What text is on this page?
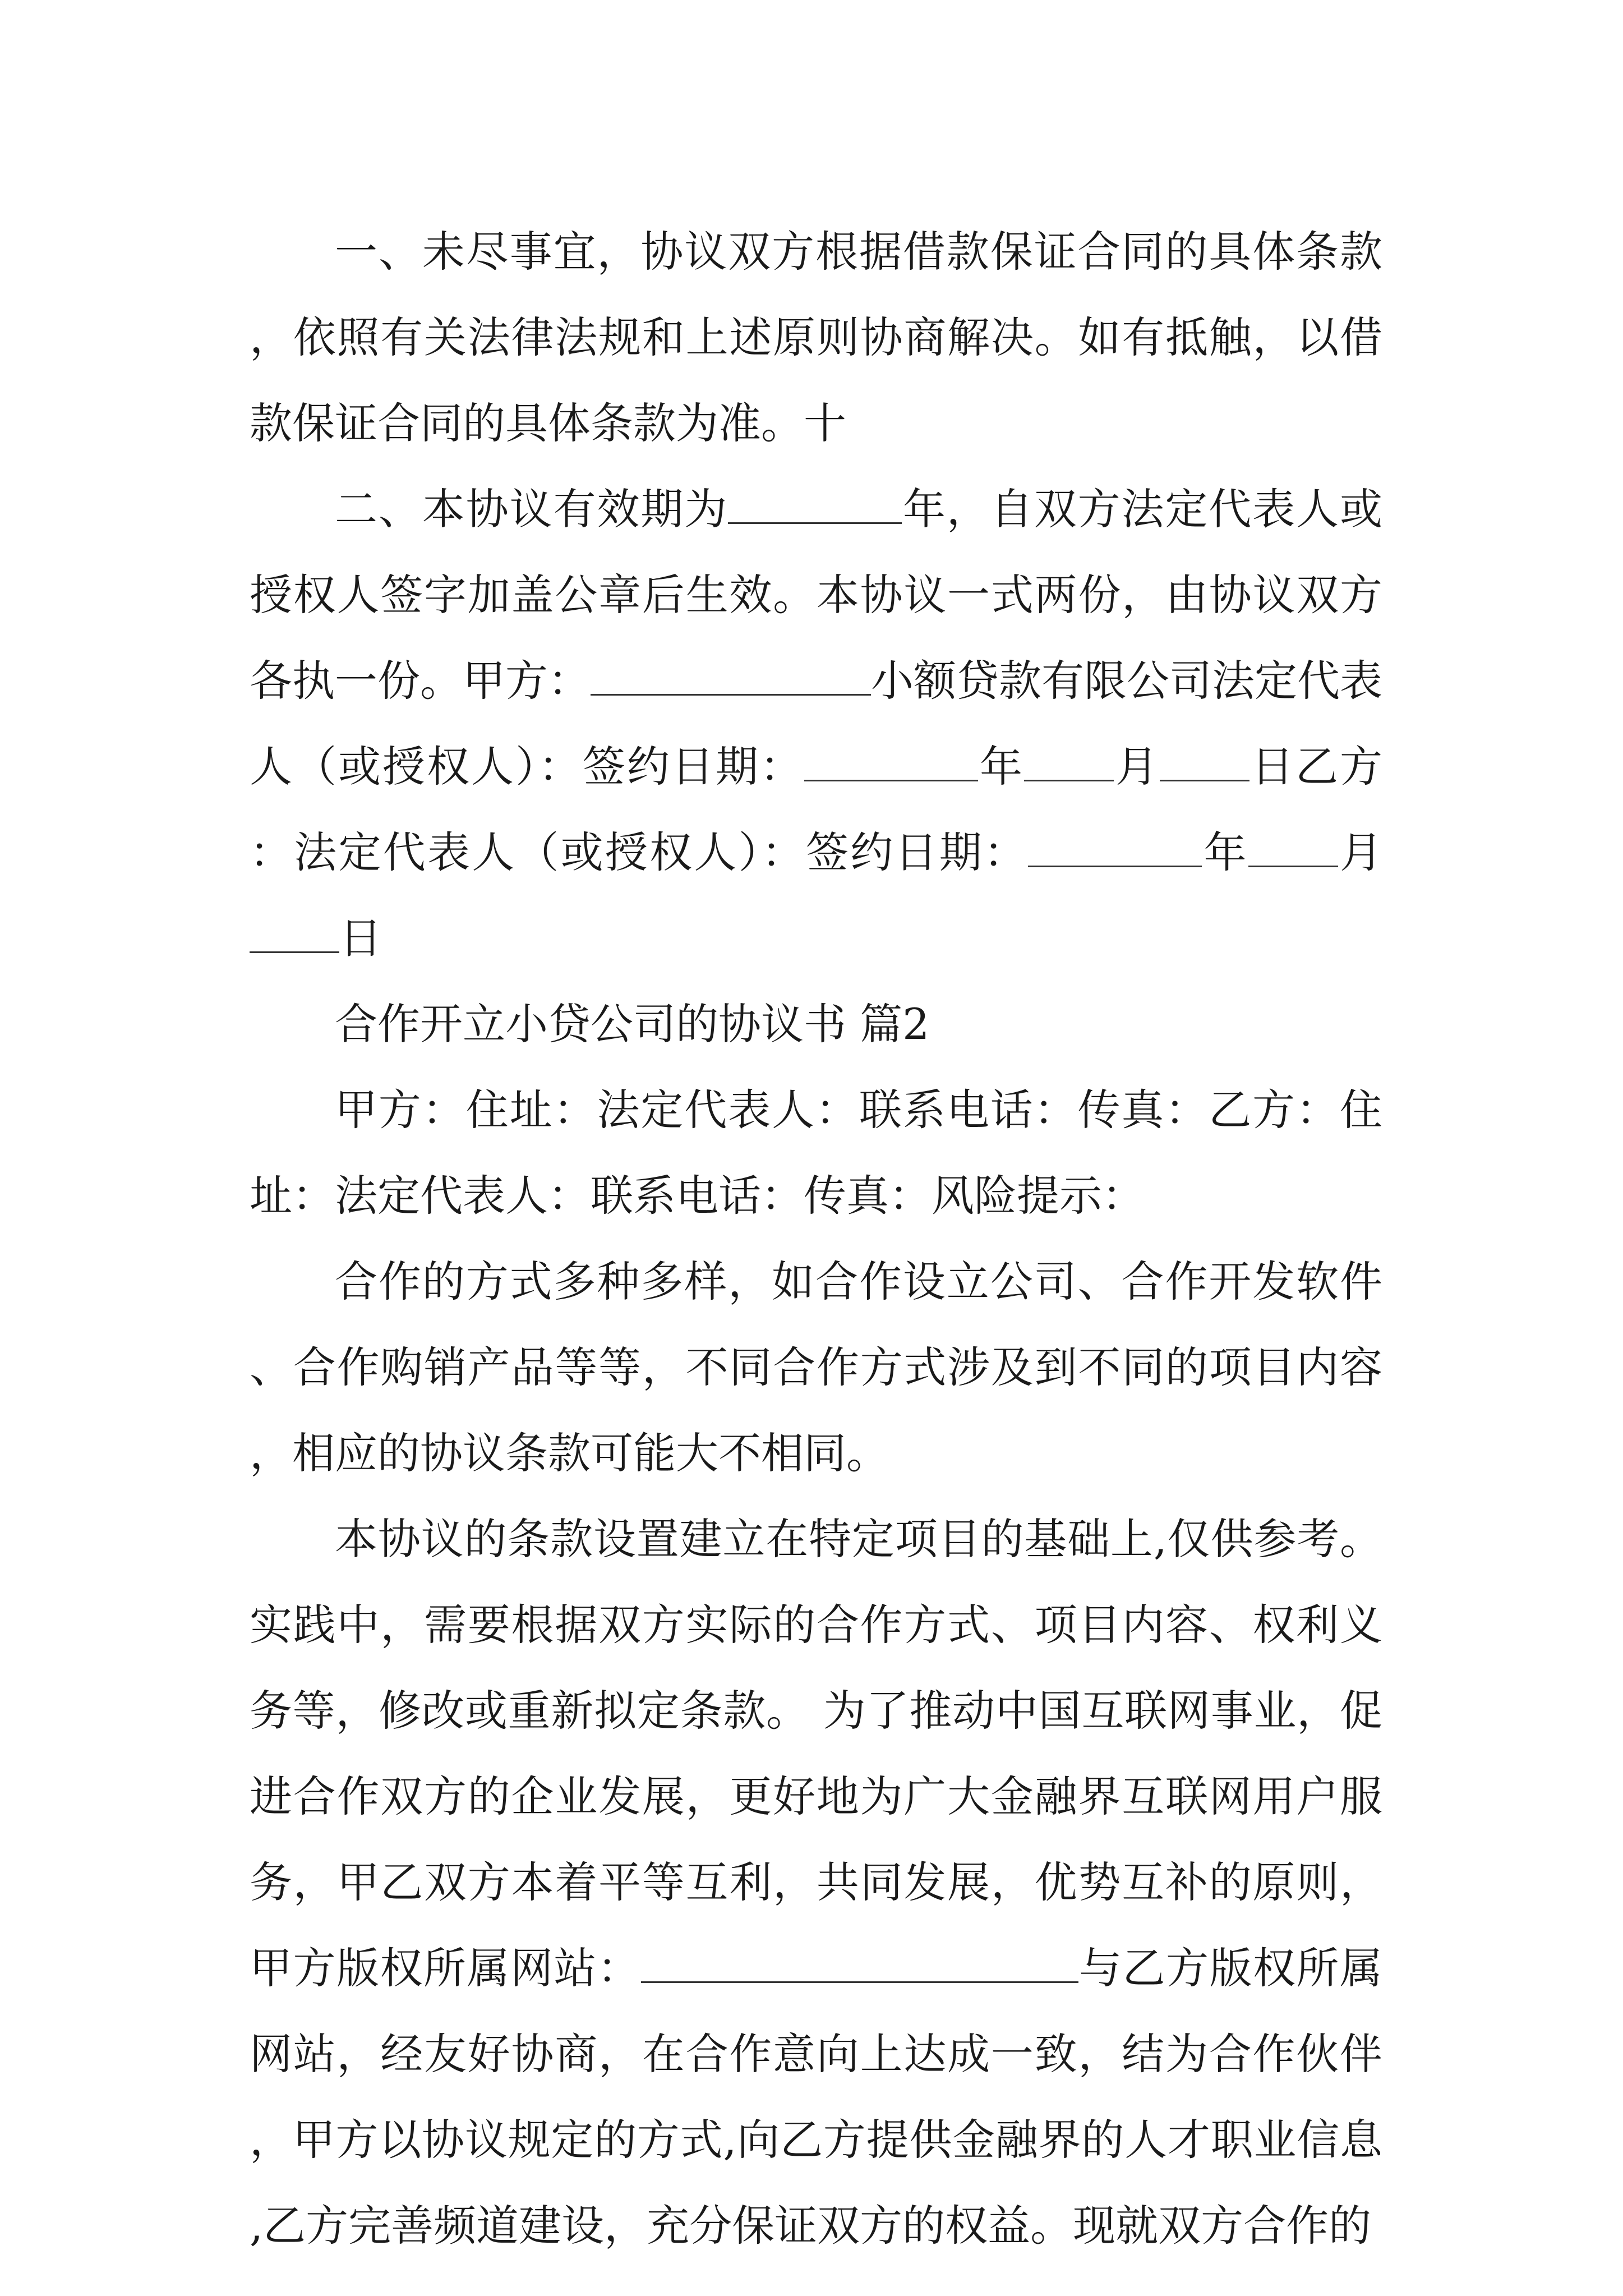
一、未尽事宜，协议双方根据借款保证合同的具体条款，依照有关法律法规和上述原则协商解决。如有抵触，以借款保证合同的具体条款为准。十

二、本协议有效期为	年，自双方法定代表人或授权人签字加盖公章后生效。本协议一式两份，由协议双方各执一份。甲方：	小额贷款有限公司法定代表人（或授权人）：签约日期：	年 月 日乙方：法定代表人（或授权人）：签约日期：	年 月日

合作开立小贷公司的协议书 篇2

甲方：住址：法定代表人：联系电话：传真：乙方：住址：法定代表人：联系电话：传真：风险提示：

合作的方式多种多样，如合作设立公司、合作开发软件、合作购销产品等等，不同合作方式涉及到不同的项目内容，相应的协议条款可能大不相同。

本协议的条款设置建立在特定项目的基础上,仅供参考。实践中，需要根据双方实际的合作方式、项目内容、权利义务等，修改或重新拟定条款。 为了推动中国互联网事业，促进合作双方的企业发展，更好地为广大金融界互联网用户服务，甲乙双方本着平等互利，共同发展，优势互补的原则，甲方版权所属网站：	与乙方版权所属网站，经友好协商，在合作意向上达成一致，结为合作伙伴，甲方以协议规定的方式,向乙方提供金融界的人才职业信息,乙方完善频道建设，充分保证双方的权益。现就双方合作的
